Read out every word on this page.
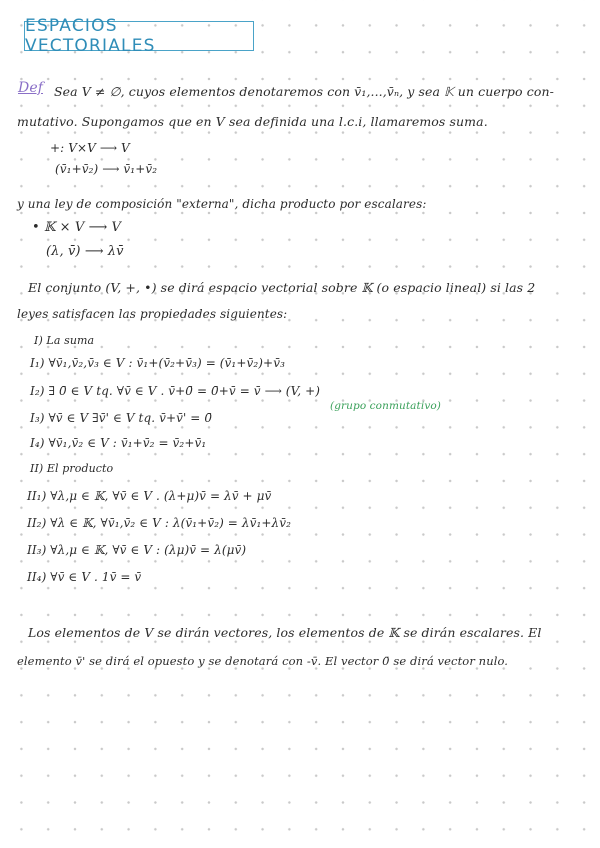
ESPACIOS VECTORIALES
Def Sea V ≠ ∅, cuyos elementos denotaremos con v̄₁,...,v̄ₙ, y sea 𝕂 un cuerpo con-
mutativo. Supongamos que en V sea definida una l.c.i, llamaremos suma.
+: V×V ⟶ V
(v̄₁+v̄₂) ⟶ v̄₁+v̄₂
y una ley de composición "externa", dicha producto por escalares:
• 𝕂 × V ⟶ V
(λ, v̄) ⟶ λv̄
El conjunto (V, +, •) se dirá espacio vectorial sobre 𝕂 (o espacio lineal) si las 2
leyes satisfacen las propiedades siguientes:
I) La suma
I₁) ∀v̄₁,v̄₂,v̄₃ ∈ V : v̄₁+(v̄₂+v̄₃) = (v̄₁+v̄₂)+v̄₃
I₂) ∃ 0̄ ∈ V tq. ∀v̄ ∈ V . v̄+0̄ = 0̄+v̄ = v̄ ⟶ (V, +)
(grupo conmutativo)
I₃) ∀v̄ ∈ V ∃v̄' ∈ V tq. v̄+v̄' = 0̄
I₄) ∀v̄₁,v̄₂ ∈ V : v̄₁+v̄₂ = v̄₂+v̄₁
II) El producto
II₁) ∀λ,μ ∈ 𝕂, ∀v̄ ∈ V . (λ+μ)v̄ = λv̄ + μv̄
II₂) ∀λ ∈ 𝕂, ∀v̄₁,v̄₂ ∈ V : λ(v̄₁+v̄₂) = λv̄₁+λv̄₂
II₃) ∀λ,μ ∈ 𝕂, ∀v̄ ∈ V : (λμ)v̄ = λ(μv̄)
II₄) ∀v̄ ∈ V . 1v̄ = v̄
Los elementos de V se dirán vectores, los elementos de 𝕂 se dirán escalares. El
elemento v̄' se dirá el opuesto y se denotará con -v̄. El vector 0̄ se dirá vector nulo.
